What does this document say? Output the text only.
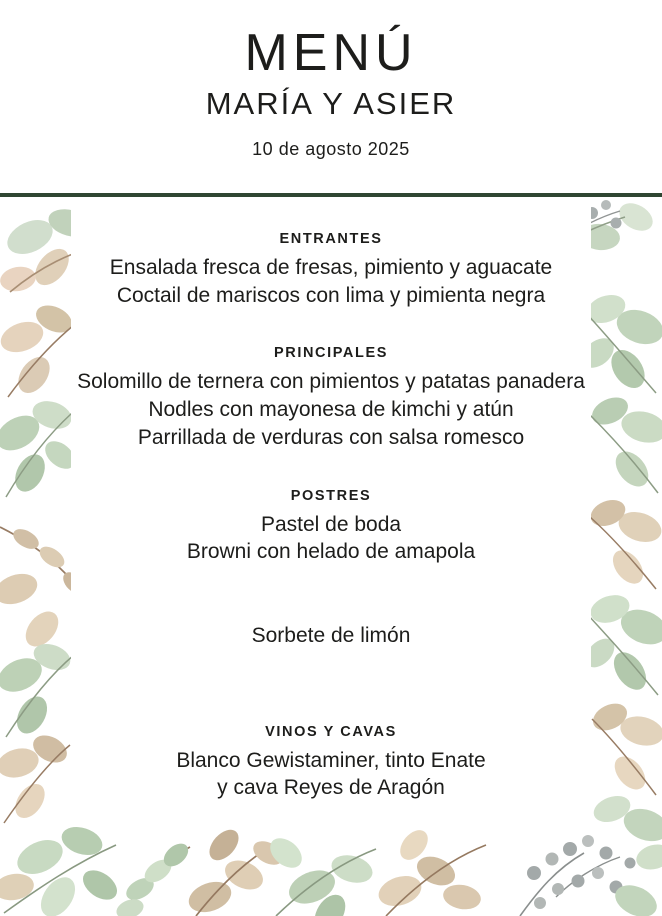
MENÚ
MARÍA Y ASIER

10 de agosto 2025

ENTRANTES

Ensalada fresca de fresas, pimiento y aguacate

Coctail de mariscos con lima y pimienta negra

PRINCIPALES

Solomillo de ternera con pimientos y patatas panadera

Nodles con mayonesa de kimchi y atún

Parrillada de verduras con salsa romesco

POSTRES

Pastel de boda

Browni con helado de amapola

Sorbete de limón

VINOS Y CAVAS

Blanco Gewistaminer, tinto Enate

y cava Reyes de Aragón
